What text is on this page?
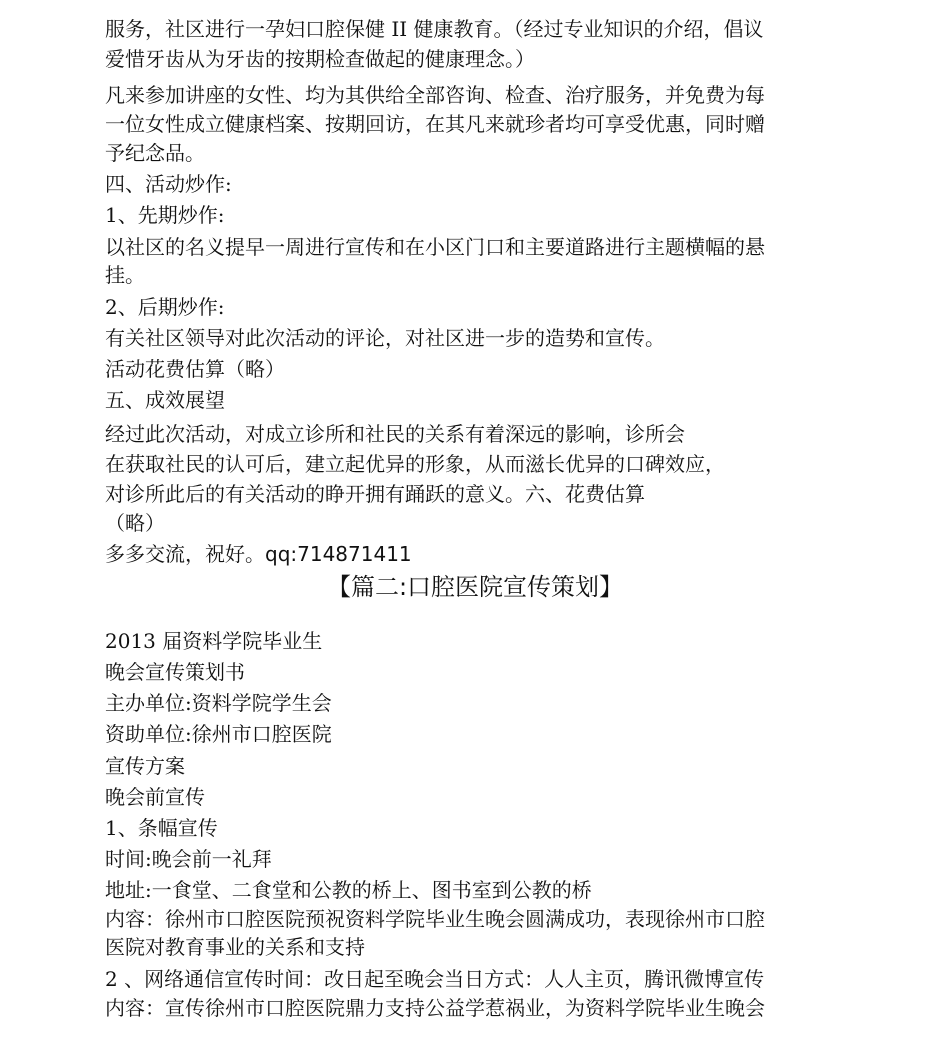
服务，社区进行一孕妇口腔保健 II 健康教育。（经过专业知识的介绍，倡议
爱惜牙齿从为牙齿的按期检查做起的健康理念。）
凡来参加讲座的女性、均为其供给全部咨询、检查、治疗服务，并免费为每
一位女性成立健康档案、按期回访，在其凡来就珍者均可享受优惠，同时赠
予纪念品。
四、活动炒作:
1、先期炒作:
以社区的名义提早一周进行宣传和在小区门口和主要道路进行主题横幅的悬
挂。
2、后期炒作:
有关社区领导对此次活动的评论，对社区进一步的造势和宣传。
活动花费估算（略）
五、成效展望
经过此次活动，对成立诊所和社民的关系有着深远的影响，诊所会
在获取社民的认可后，建立起优异的形象，从而滋长优异的口碑效应，
对诊所此后的有关活动的睁开拥有踊跃的意义。六、花费估算
（略）
多多交流，祝好。qq:714871411
【篇二:口腔医院宣传策划】
2013 届资料学院毕业生
晚会宣传策划书
主办单位:资料学院学生会
资助单位:徐州市口腔医院
宣传方案
晚会前宣传
1、条幅宣传
时间:晚会前一礼拜
地址:一食堂、二食堂和公教的桥上、图书室到公教的桥
内容：徐州市口腔医院预祝资料学院毕业生晚会圆满成功，表现徐州市口腔
医院对教育事业的关系和支持
2 、网络通信宣传时间：改日起至晚会当日方式：人人主页，腾讯微博宣传
内容：宣传徐州市口腔医院鼎力支持公益学惹祸业，为资料学院毕业生晚会
